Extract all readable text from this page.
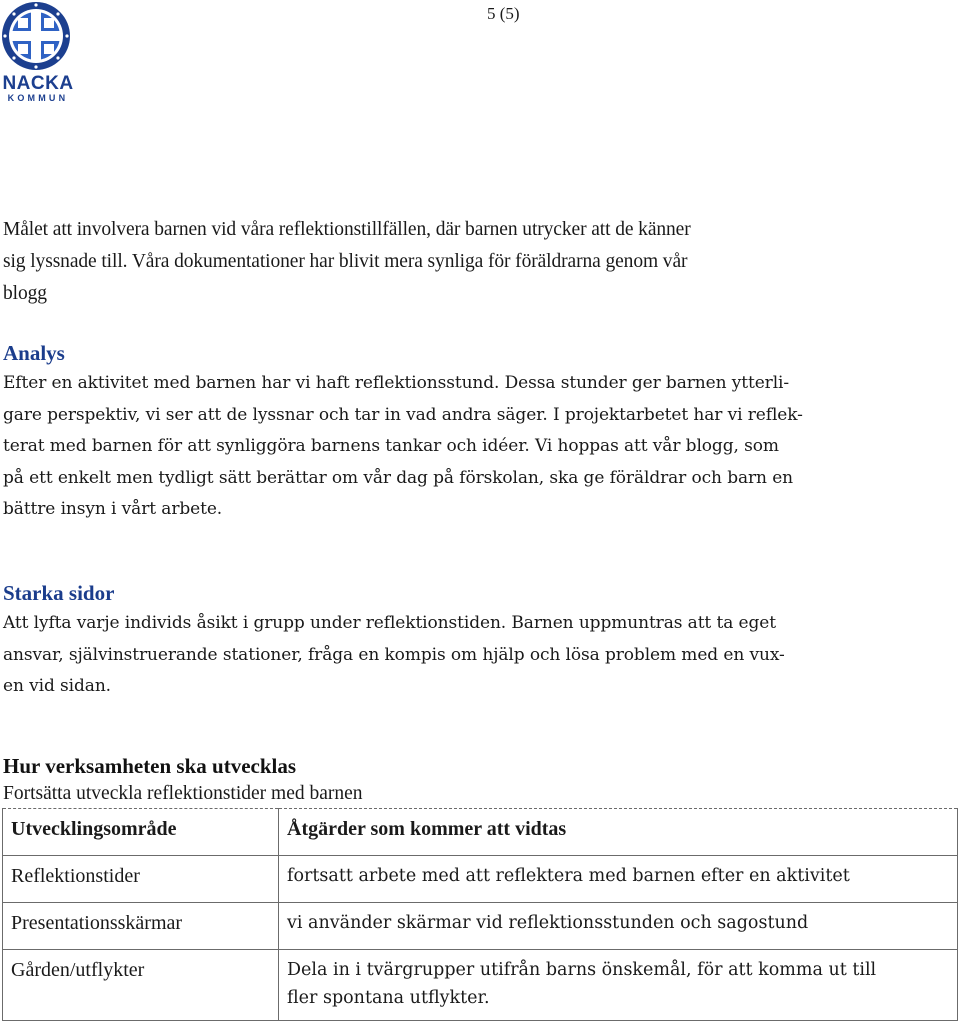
5 (5)
NACKA
KOMMUN
Målet att involvera barnen vid våra reflektionstillfällen, där barnen utrycker att de känner
sig lyssnade till. Våra dokumentationer har blivit mera synliga för föräldrarna genom vår
blogg
Analys
Efter en aktivitet med barnen har vi haft reflektionsstund. Dessa stunder ger barnen ytterli-
gare perspektiv, vi ser att de lyssnar och tar in vad andra säger. I projektarbetet har vi reflek-
terat med barnen för att synliggöra barnens tankar och idéer. Vi hoppas att vår blogg, som
på ett enkelt men tydligt sätt berättar om vår dag på förskolan, ska ge föräldrar och barn en
bättre insyn i vårt arbete.
Starka sidor
Att lyfta varje individs åsikt i grupp under reflektionstiden. Barnen uppmuntras att ta eget
ansvar, självinstruerande stationer, fråga en kompis om hjälp och lösa problem med en vux-
en vid sidan.
Hur verksamheten ska utvecklas
Fortsätta utveckla reflektionstider med barnen
Utvecklingsområde	Åtgärder som kommer att vidtas
Reflektionstider	fortsatt arbete med att reflektera med barnen efter en aktivitet
Presentationsskärmar	vi använder skärmar vid reflektionsstunden och sagostund
Gården/utflykter	Dela in i tvärgrupper utifrån barns önskemål, för att komma ut till
fler spontana utflykter.
